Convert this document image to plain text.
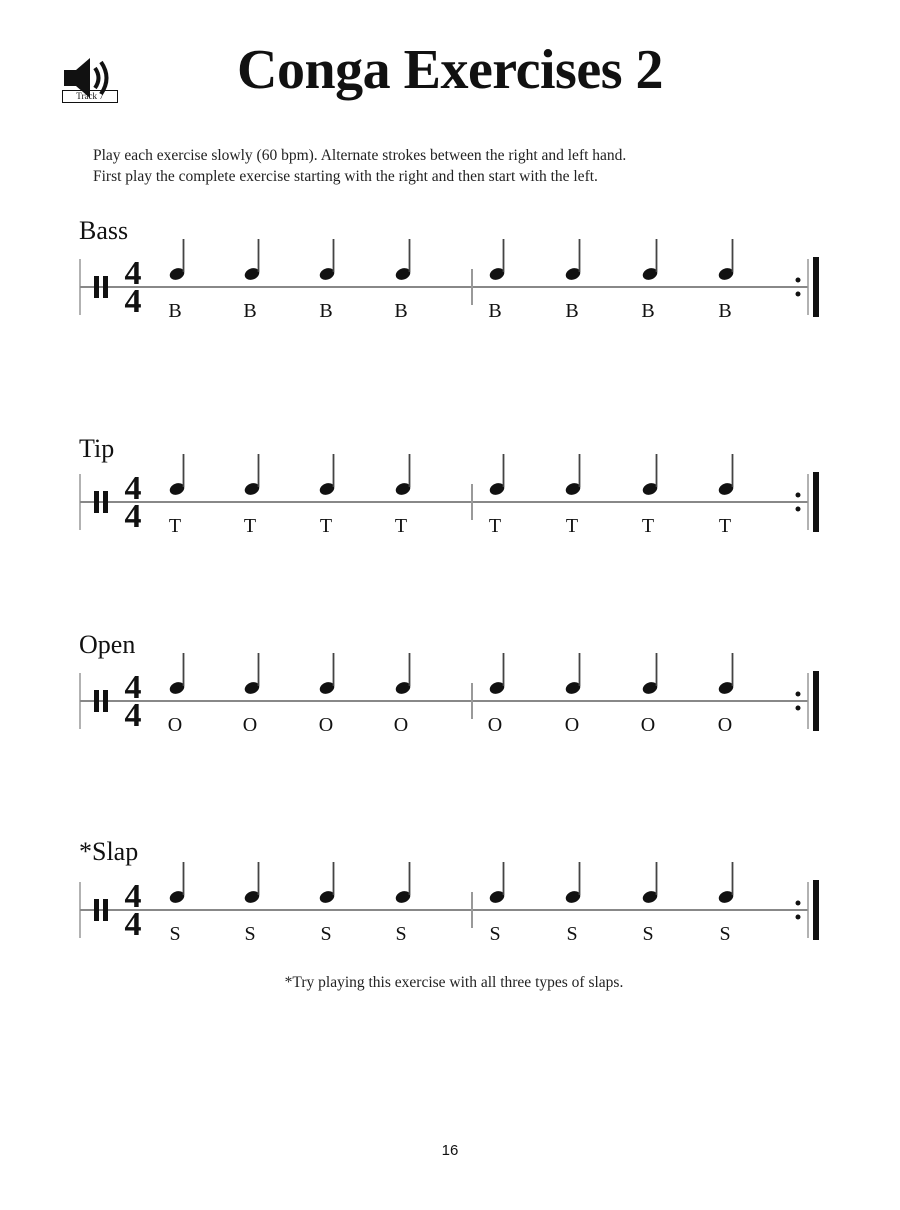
Track 7	Conga Exercises 2
Play each exercise slowly (60 bpm). Alternate strokes between the right and left hand.
First play the complete exercise starting with the right and then start with the left.
Bass
4
4 B	B	B	B	B	B	B	B
Tip
4
4 T	T	T	T	T	T	T	T
Open
4
4 O	O	O	O	O	O	O	O
*Slap
4
4 S	S	S	S	S	S	S	S
*Try playing this exercise with all three types of slaps.
16
